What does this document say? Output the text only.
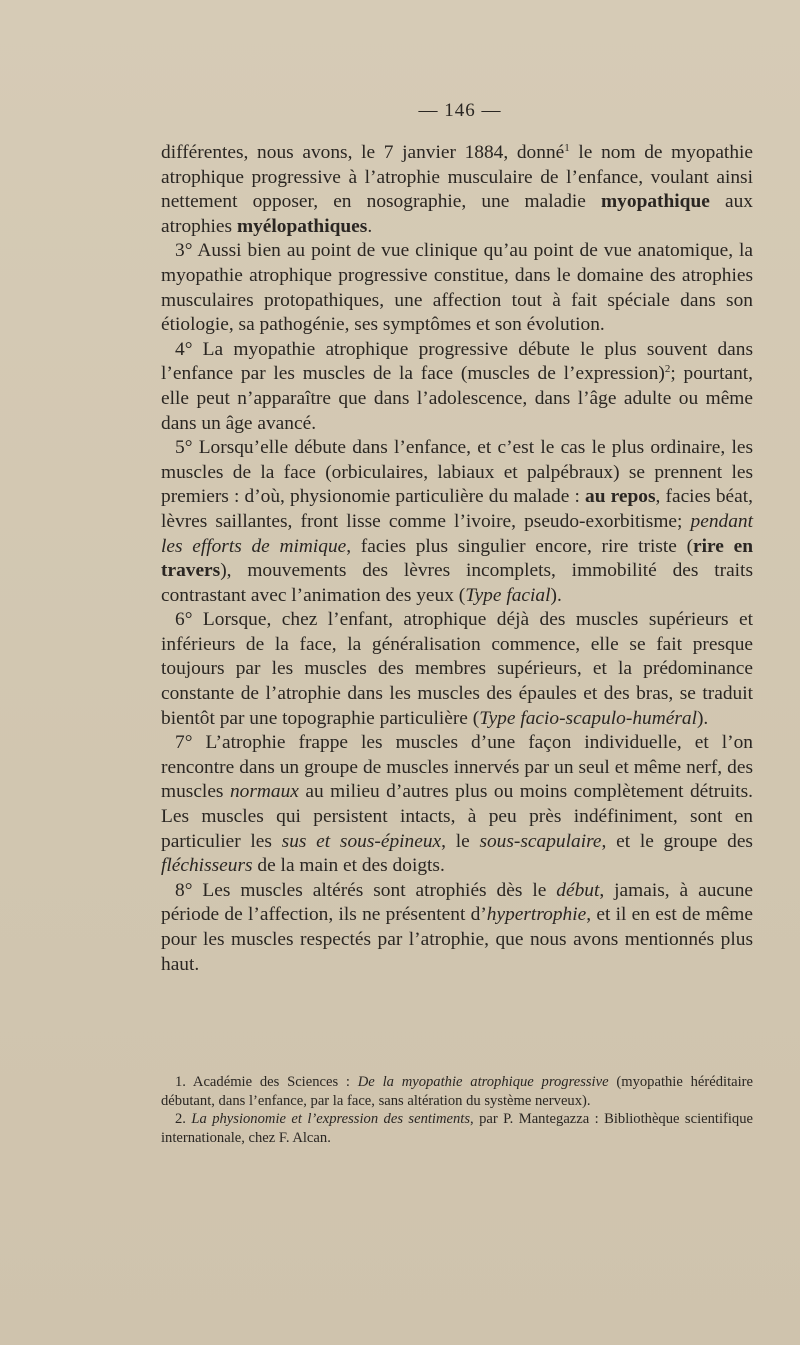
— 146 —

différentes, nous avons, le 7 janvier 1884, donné$^1$ le nom de myopathie atrophique progressive à l’atrophie musculaire de l’enfance, voulant ainsi nettement opposer, en nosographie, une maladie myopathique aux atrophies myélopathiques.

3° Aussi bien au point de vue clinique qu’au point de vue anatomique, la myopathie atrophique progressive constitue, dans le domaine des atrophies musculaires protopathiques, une affection tout à fait spéciale dans son étiologie, sa pathogénie, ses symptômes et son évolution.

4° La myopathie atrophique progressive débute le plus souvent dans l’enfance par les muscles de la face (muscles de l’expression)$^2$; pourtant, elle peut n’apparaître que dans l’adolescence, dans l’âge adulte ou même dans un âge avancé.

5° Lorsqu’elle débute dans l’enfance, et c’est le cas le plus ordinaire, les muscles de la face (orbiculaires, labiaux et palpébraux) se prennent les premiers : d’où, physionomie particulière du malade : au repos, facies béat, lèvres saillantes, front lisse comme l’ivoire, pseudo-exorbitisme; pendant les efforts de mimique, facies plus singulier encore, rire triste (rire en travers), mouvements des lèvres incomplets, immobilité des traits contrastant avec l’animation des yeux (Type facial).

6° Lorsque, chez l’enfant, atrophique déjà des muscles supérieurs et inférieurs de la face, la généralisation commence, elle se fait presque toujours par les muscles des membres supérieurs, et la prédominance constante de l’atrophie dans les muscles des épaules et des bras, se traduit bientôt par une topographie particulière (Type facio-scapulo-huméral).

7° L’atrophie frappe les muscles d’une façon individuelle, et l’on rencontre dans un groupe de muscles innervés par un seul et même nerf, des muscles normaux au milieu d’autres plus ou moins complètement détruits. Les muscles qui persistent intacts, à peu près indéfiniment, sont en particulier les sus et sous-épineux, le sous-scapulaire, et le groupe des fléchisseurs de la main et des doigts.

8° Les muscles altérés sont atrophiés dès le début, jamais, à aucune période de l’affection, ils ne présentent d’hypertrophie, et il en est de même pour les muscles respectés par l’atrophie, que nous avons mentionnés plus haut.

1. Académie des Sciences : De la myopathie atrophique progressive (myopathie héréditaire débutant, dans l’enfance, par la face, sans altération du système nerveux).

2. La physionomie et l’expression des sentiments, par P. Mantegazza : Bibliothèque scientifique internationale, chez F. Alcan.
